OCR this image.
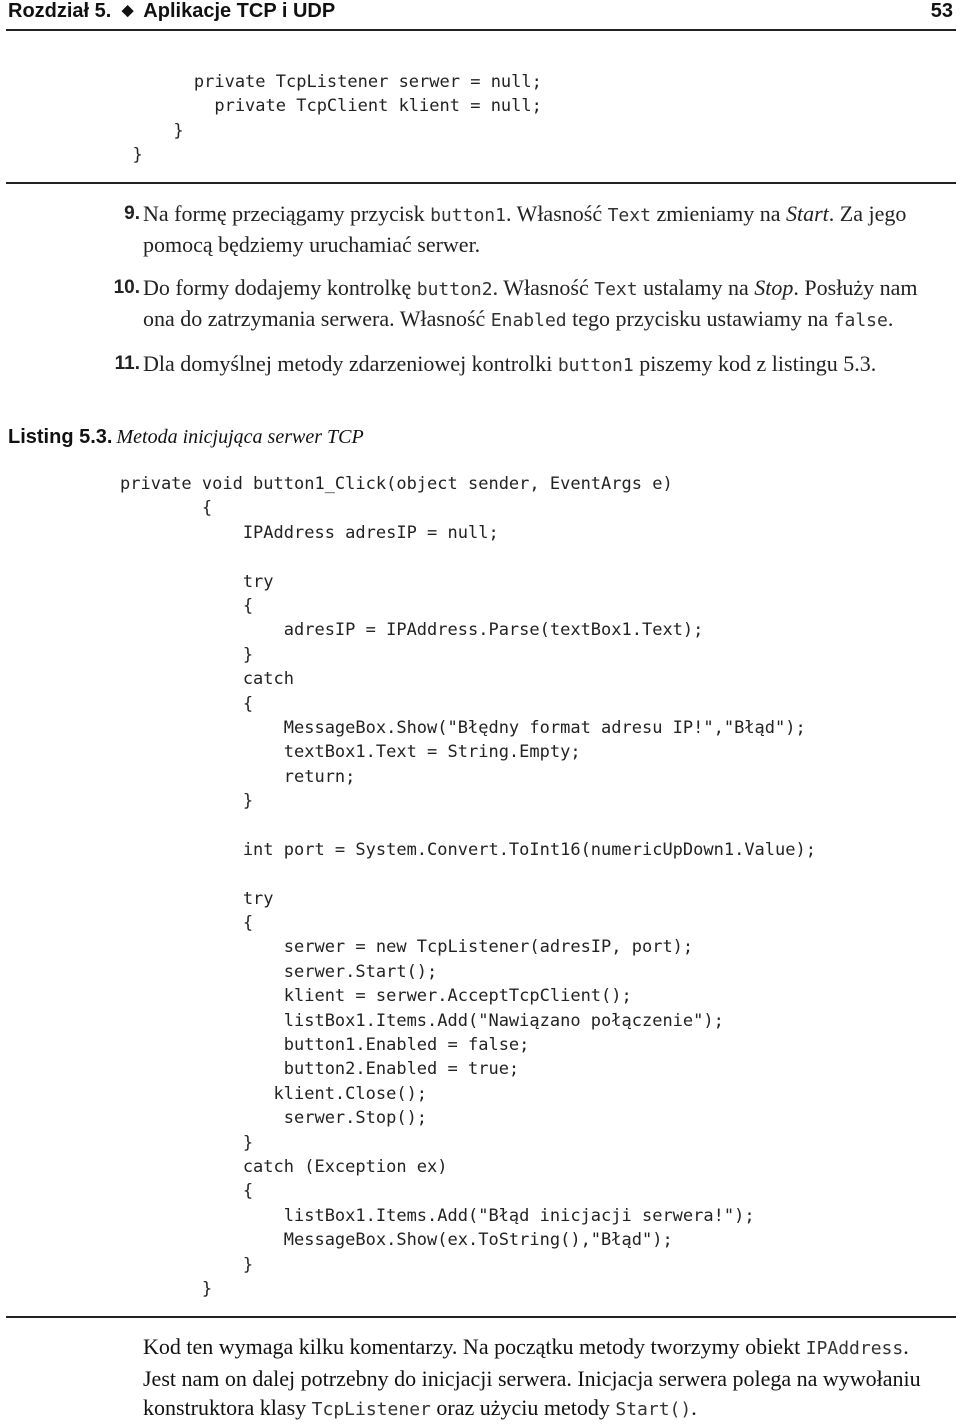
Rozdział 5. ◆ Aplikacje TCP i UDP	53
private TcpListener serwer = null;
private TcpClient klient = null;
}
}
9. Na formę przeciągamy przycisk button1. Własność Text zmieniamy na Start. Za jego pomocą będziemy uruchamiać serwer.
10. Do formy dodajemy kontrolkę button2. Własność Text ustalamy na Stop. Posłuży nam ona do zatrzymania serwera. Własność Enabled tego przycisku ustawiamy na false.
11. Dla domyślnej metody zdarzeniowej kontrolki button1 piszemy kod z listingu 5.3.
Listing 5.3. Metoda inicjująca serwer TCP
private void button1_Click(object sender, EventArgs e)
{
IPAddress adresIP = null;
try
{
adresIP = IPAddress.Parse(textBox1.Text);
}
catch
{
MessageBox.Show("Błędny format adresu IP!","Błąd");
textBox1.Text = String.Empty;
return;
}
int port = System.Convert.ToInt16(numericUpDown1.Value);
try
{
serwer = new TcpListener(adresIP, port);
serwer.Start();
klient = serwer.AcceptTcpClient();
listBox1.Items.Add("Nawiązano połączenie");
button1.Enabled = false;
button2.Enabled = true;
klient.Close();
serwer.Stop();
}
catch (Exception ex)
{
listBox1.Items.Add("Błąd inicjacji serwera!");
MessageBox.Show(ex.ToString(),"Błąd");
}
}
Kod ten wymaga kilku komentarzy. Na początku metody tworzymy obiekt IPAddress. Jest nam on dalej potrzebny do inicjacji serwera. Inicjacja serwera polega na wywołaniu konstruktora klasy TcpListener oraz użyciu metody Start().
